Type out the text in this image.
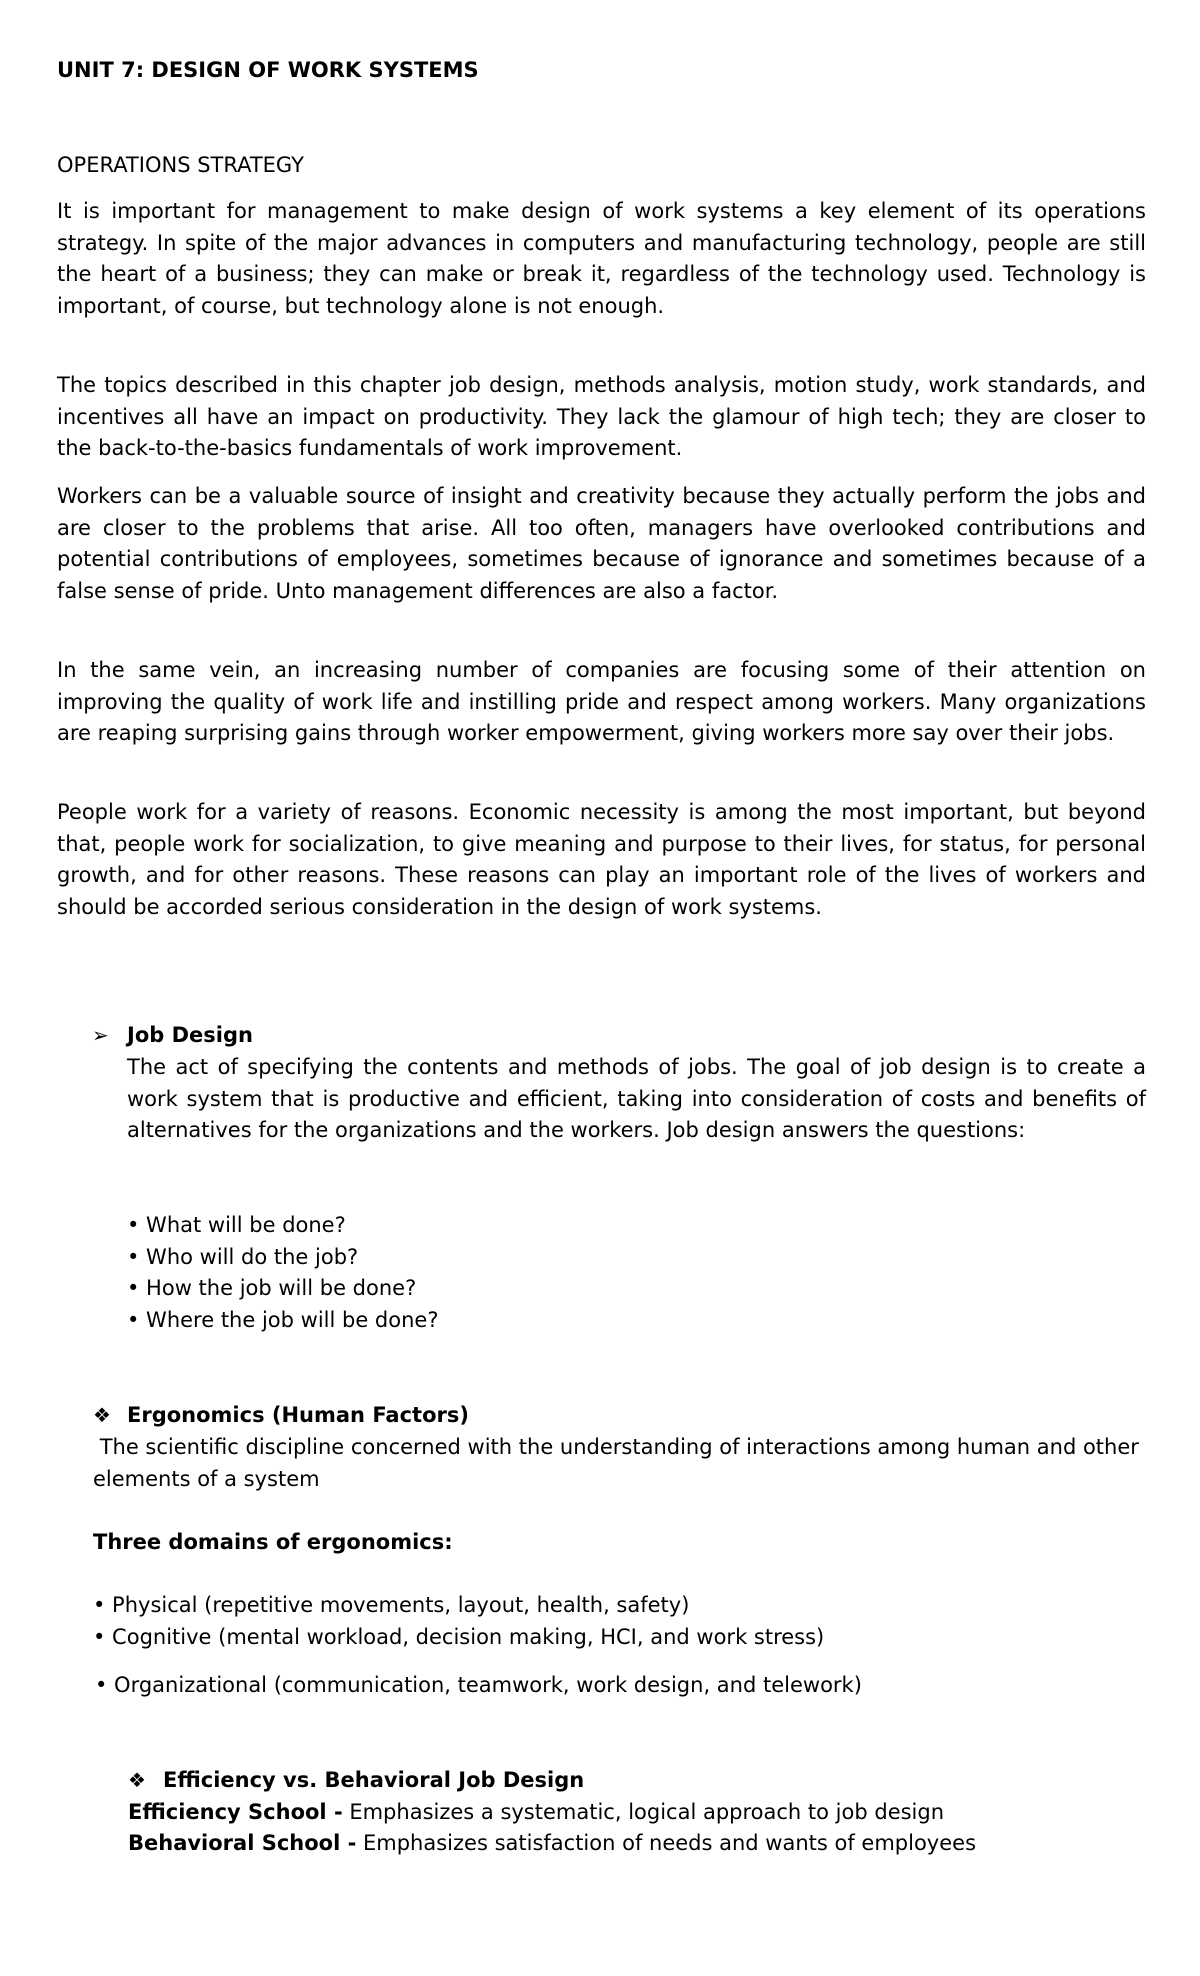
UNIT 7: DESIGN OF WORK SYSTEMS
OPERATIONS STRATEGY

It is important for management to make design of work systems a key element of its operations strategy. In spite of the major advances in computers and manufacturing technology, people are still the heart of a business; they can make or break it, regardless of the technology used. Technology is important, of course, but technology alone is not enough.

The topics described in this chapter job design, methods analysis, motion study, work standards, and incentives all have an impact on productivity. They lack the glamour of high tech; they are closer to the back-to-the-basics fundamentals of work improvement.

Workers can be a valuable source of insight and creativity because they actually perform the jobs and are closer to the problems that arise. All too often, managers have overlooked contributions and potential contributions of employees, sometimes because of ignorance and sometimes because of a false sense of pride. Unto management differences are also a factor.

In the same vein, an increasing number of companies are focusing some of their attention on improving the quality of work life and instilling pride and respect among workers. Many organizations are reaping surprising gains through worker empowerment, giving workers more say over their jobs.

People work for a variety of reasons. Economic necessity is among the most important, but beyond that, people work for socialization, to give meaning and purpose to their lives, for status, for personal growth, and for other reasons. These reasons can play an important role of the lives of workers and should be accorded serious consideration in the design of work systems.

➢ Job Design

The act of specifying the contents and methods of jobs. The goal of job design is to create a work system that is productive and efficient, taking into consideration of costs and benefits of alternatives for the organizations and the workers. Job design answers the questions:

• What will be done?
• Who will do the job?
• How the job will be done?
• Where the job will be done?
❖ Ergonomics (Human Factors)

The scientific discipline concerned with the understanding of interactions among human and other elements of a system

Three domains of ergonomics:
• Physical (repetitive movements, layout, health, safety)
• Cognitive (mental workload, decision making, HCI, and work stress)
• Organizational (communication, teamwork, work design, and telework)
❖ Efficiency vs. Behavioral Job Design
Efficiency School - Emphasizes a systematic, logical approach to job design
Behavioral School - Emphasizes satisfaction of needs and wants of employees
